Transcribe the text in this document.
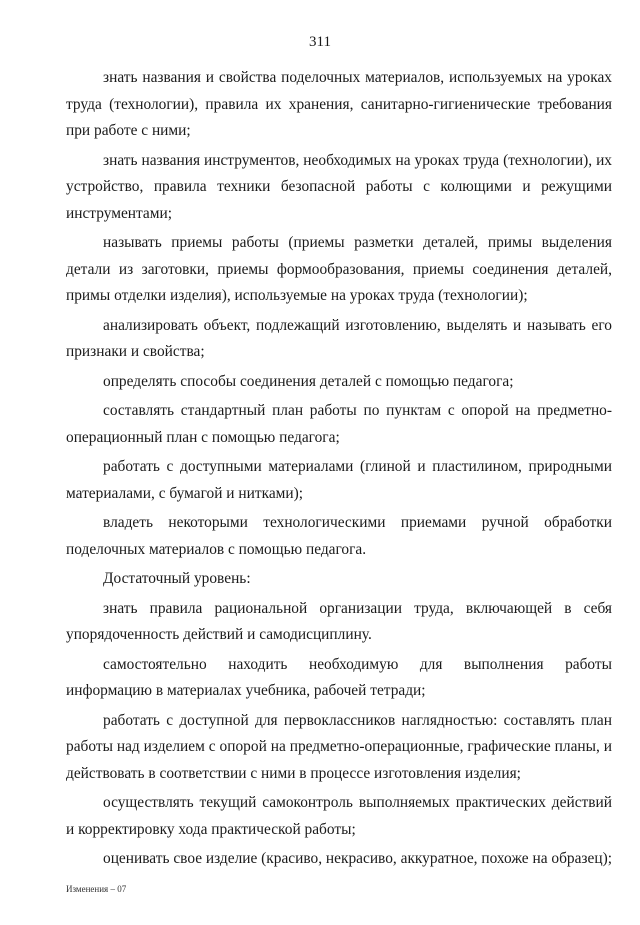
311

знать названия и свойства поделочных материалов, используемых на уроках труда (технологии), правила их хранения, санитарно-гигиенические требования при работе с ними;

знать названия инструментов, необходимых на уроках труда (технологии), их устройство, правила техники безопасной работы с колющими и режущими инструментами;

называть приемы работы (приемы разметки деталей, примы выделения детали из заготовки, приемы формообразования, приемы соединения деталей, примы отделки изделия), используемые на уроках труда (технологии);

анализировать объект, подлежащий изготовлению, выделять и называть его признаки и свойства;

определять способы соединения деталей с помощью педагога;

составлять стандартный план работы по пунктам с опорой на предметно-операционный план с помощью педагога;

работать с доступными материалами (глиной и пластилином, природными материалами, с бумагой и нитками);

владеть некоторыми технологическими приемами ручной обработки поделочных материалов с помощью педагога.

Достаточный уровень:

знать правила рациональной организации труда, включающей в себя упорядоченность действий и самодисциплину.

самостоятельно находить необходимую для выполнения работы информацию в материалах учебника, рабочей тетради;

работать с доступной для первоклассников наглядностью: составлять план работы над изделием с опорой на предметно-операционные, графические планы, и действовать в соответствии с ними в процессе изготовления изделия;

осуществлять текущий самоконтроль выполняемых практических действий и корректировку хода практической работы;

оценивать свое изделие (красиво, некрасиво, аккуратное, похоже на образец);

Изменения – 07
